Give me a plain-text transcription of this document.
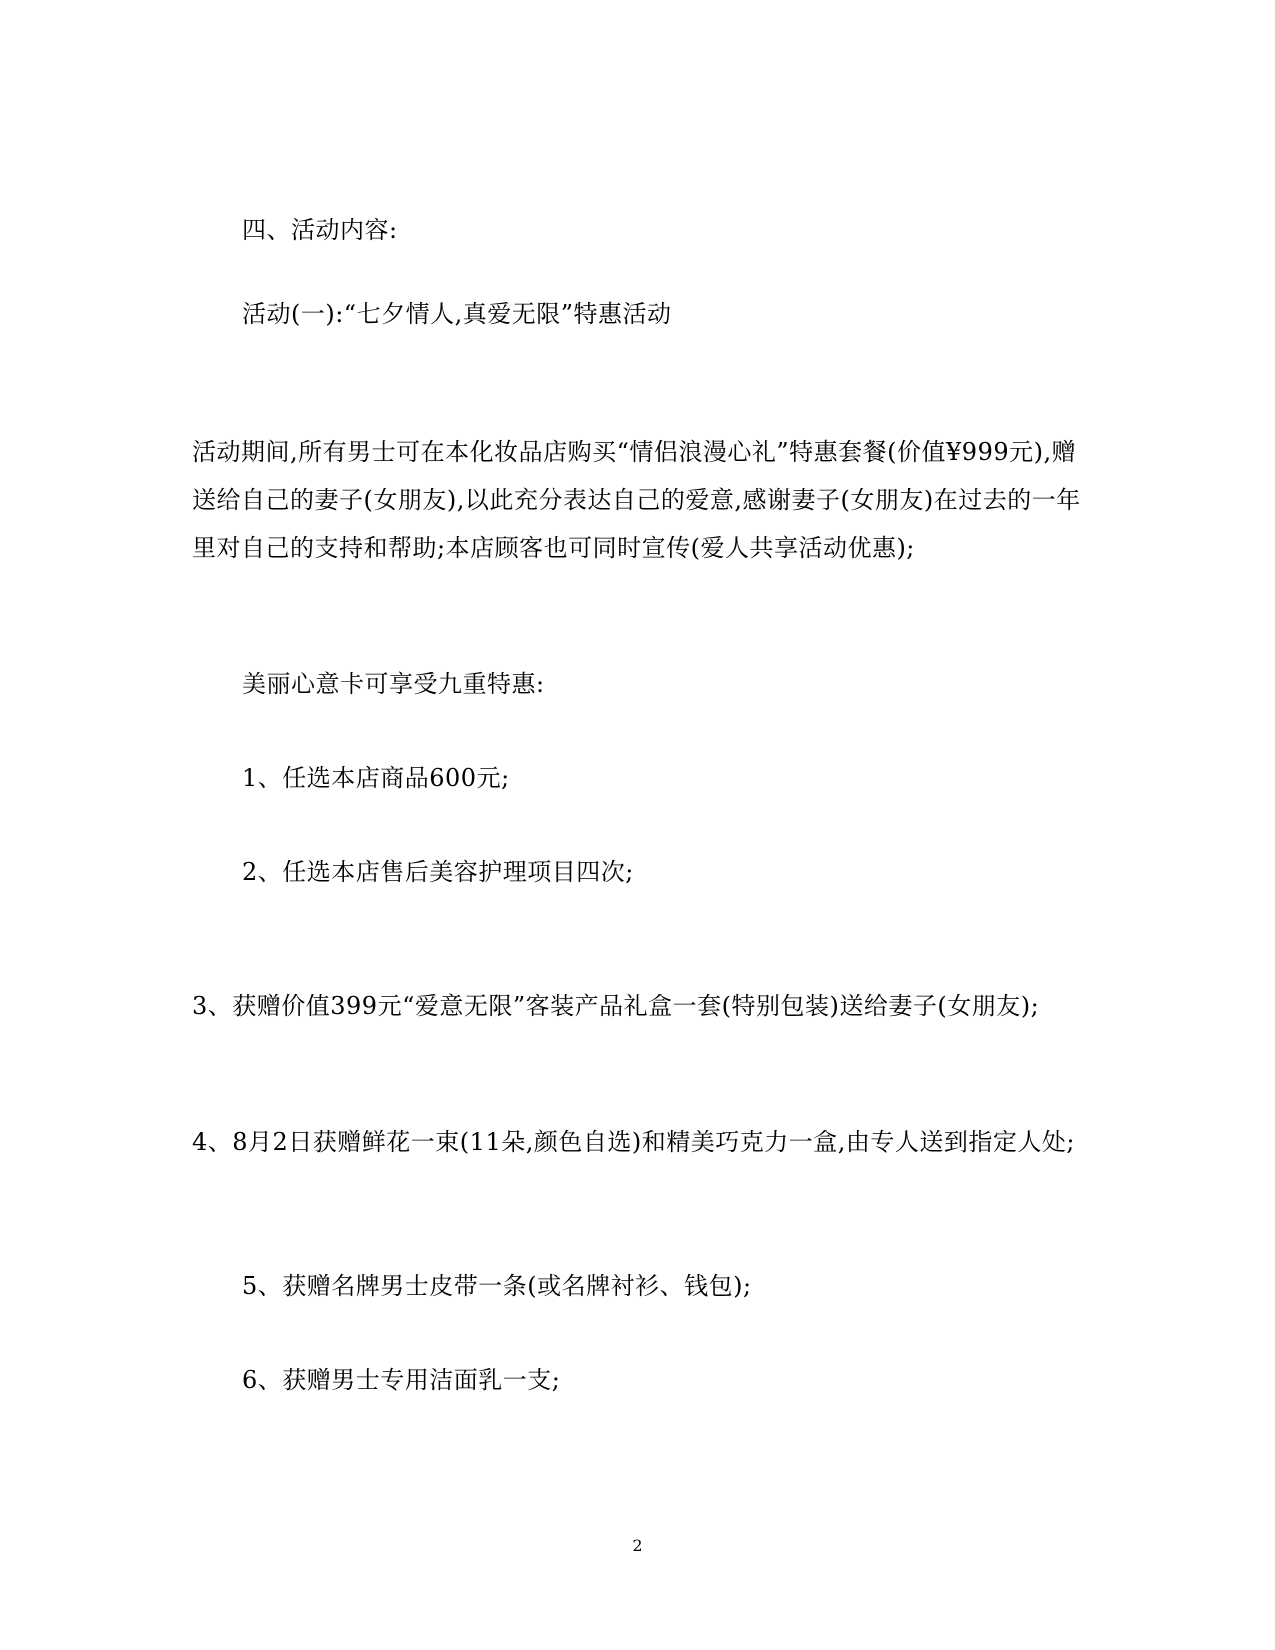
四、活动内容:
活动(一):“七夕情人,真爱无限”特惠活动
活动期间,所有男士可在本化妆品店购买“情侣浪漫心礼”特惠套餐(价值¥999元),赠送给自己的妻子(女朋友),以此充分表达自己的爱意,感谢妻子(女朋友)在过去的一年里对自己的支持和帮助;本店顾客也可同时宣传(爱人共享活动优惠);
美丽心意卡可享受九重特惠:
1、任选本店商品600元;
2、任选本店售后美容护理项目四次;
3、获赠价值399元“爱意无限”客装产品礼盒一套(特别包装)送给妻子(女朋友);
4、8月2日获赠鲜花一束(11朵,颜色自选)和精美巧克力一盒,由专人送到指定人处;
5、获赠名牌男士皮带一条(或名牌衬衫、钱包);
6、获赠男士专用洁面乳一支;
2
